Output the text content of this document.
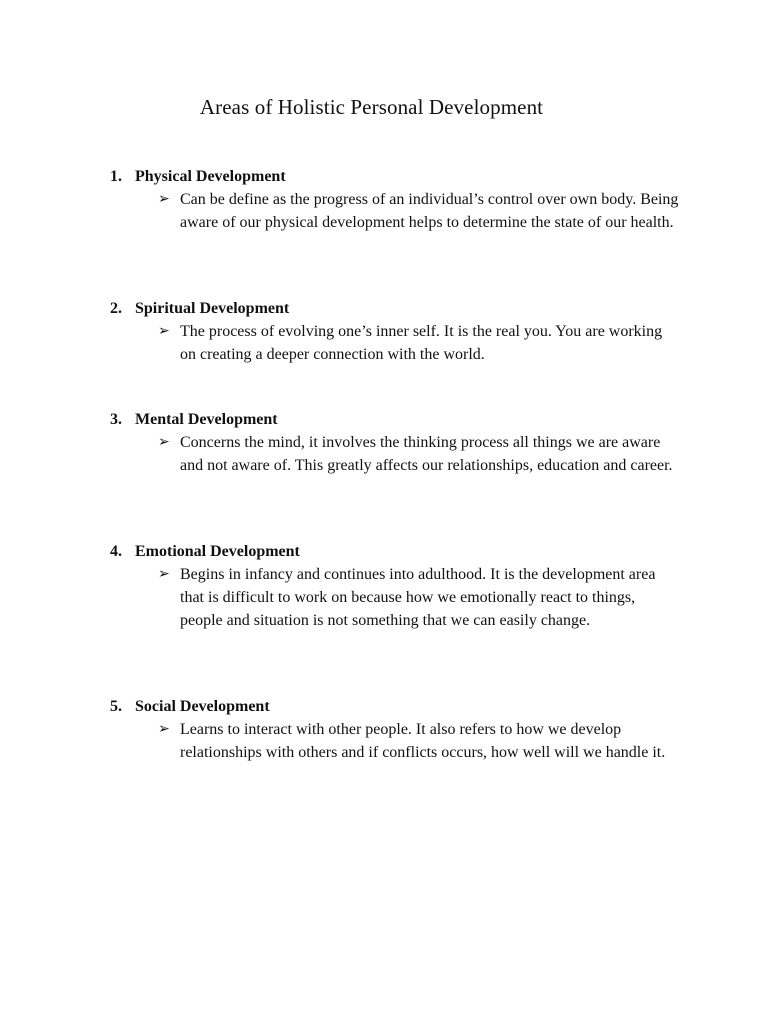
Areas of Holistic Personal Development
1. Physical Development
➢ Can be define as the progress of an individual’s control over own body. Being aware of our physical development helps to determine the state of our health.
2. Spiritual Development
➢ The process of evolving one’s inner self. It is the real you. You are working on creating a deeper connection with the world.
3. Mental Development
➢ Concerns the mind, it involves the thinking process all things we are aware and not aware of. This greatly affects our relationships, education and career.
4. Emotional Development
➢ Begins in infancy and continues into adulthood. It is the development area that is difficult to work on because how we emotionally react to things, people and situation is not something that we can easily change.
5. Social Development
➢ Learns to interact with other people. It also refers to how we develop relationships with others and if conflicts occurs, how well will we handle it.
